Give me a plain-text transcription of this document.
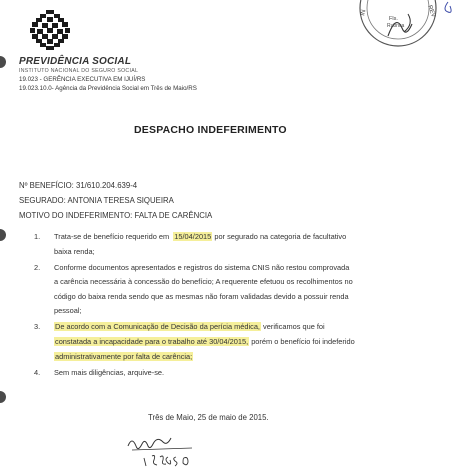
PREVIDÊNCIA SOCIAL
INSTITUTO NACIONAL DO SEGURO SOCIAL
19.023 - GERÊNCIA EXECUTIVA EM IJUÍ/RS
19.023.10.0- Agência da Previdência Social em Três de Maio/RS
IN	REV
Fls.
Rubrica
DESPACHO INDEFERIMENTO
Nº BENEFÍCIO: 31/610.204.639-4
SEGURADO: ANTONIA TERESA SIQUEIRA
MOTIVO DO INDEFERIMENTO: FALTA DE CARÊNCIA
1. Trata-se de benefício requerido em  15/04/2015 por segurado na categoria de facultativo
baixa renda;
2. Conforme documentos apresentados e registros do sistema CNIS não restou comprovada
a carência necessária à concessão do benefício; A requerente efetuou os recolhimentos no
código do baixa renda sendo que as mesmas não foram validadas devido a possuir renda
pessoal;
3. De acordo com a Comunicação de Decisão da perícia médica, verificamos que foi
constatada a incapacidade para o trabalho até 30/04/2015, porém o benefício foi indeferido
administrativamente por falta de carência;
4. Sem mais diligências, arquive-se.
Três de Maio, 25 de maio de 2015.
